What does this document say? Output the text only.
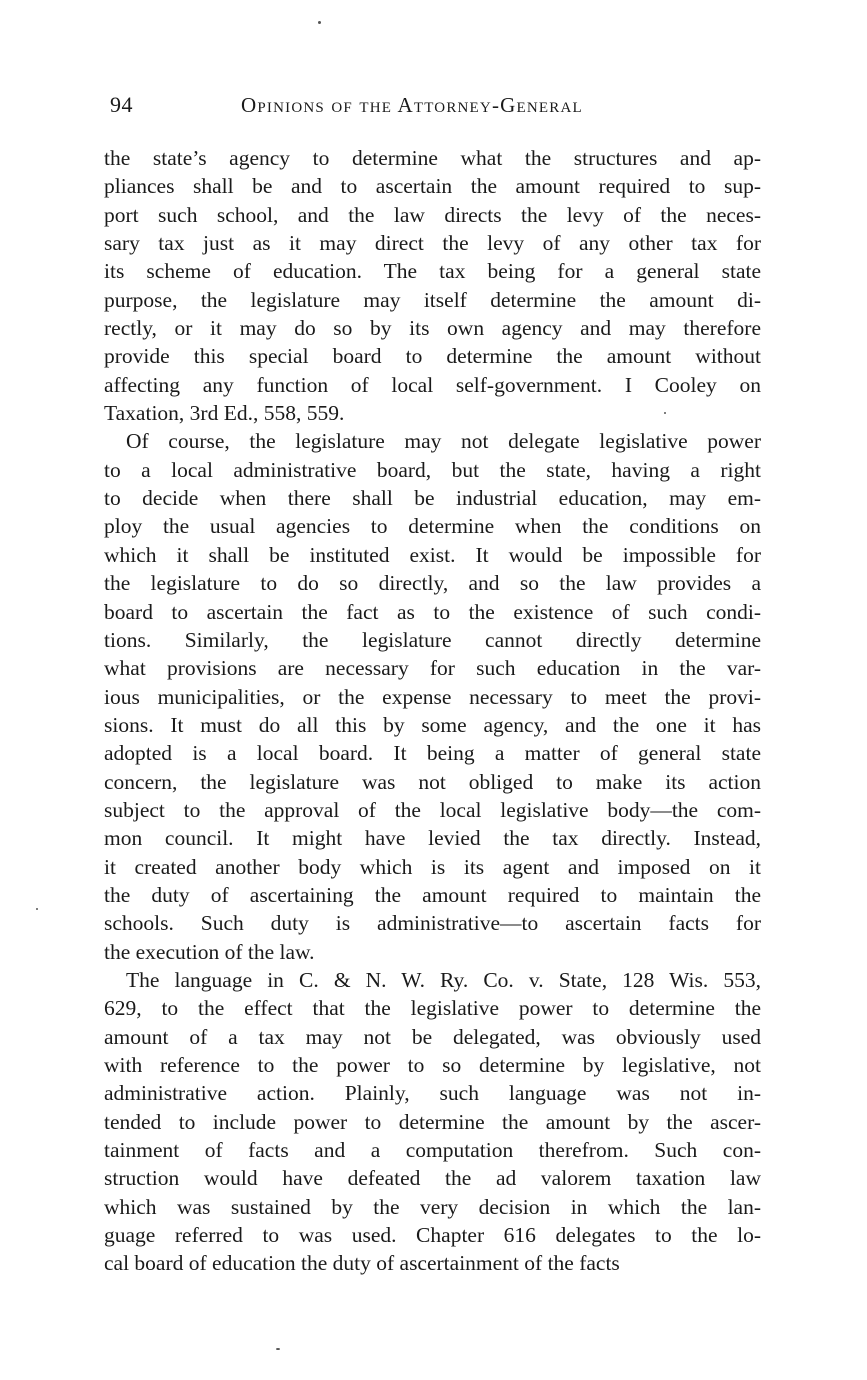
94	Opinions of the Attorney-General
the state’s agency to determine what the structures and ap-
pliances shall be and to ascertain the amount required to sup-
port such school, and the law directs the levy of the neces-
sary tax just as it may direct the levy of any other tax for
its scheme of education. The tax being for a general state
purpose, the legislature may itself determine the amount di-
rectly, or it may do so by its own agency and may therefore
provide this special board to determine the amount without
affecting any function of local self-government. I Cooley on
Taxation, 3rd Ed., 558, 559.
Of course, the legislature may not delegate legislative power
to a local administrative board, but the state, having a right
to decide when there shall be industrial education, may em-
ploy the usual agencies to determine when the conditions on
which it shall be instituted exist. It would be impossible for
the legislature to do so directly, and so the law provides a
board to ascertain the fact as to the existence of such condi-
tions. Similarly, the legislature cannot directly determine
what provisions are necessary for such education in the var-
ious municipalities, or the expense necessary to meet the provi-
sions. It must do all this by some agency, and the one it has
adopted is a local board. It being a matter of general state
concern, the legislature was not obliged to make its action
subject to the approval of the local legislative body—the com-
mon council. It might have levied the tax directly. Instead,
it created another body which is its agent and imposed on it
the duty of ascertaining the amount required to maintain the
schools. Such duty is administrative—to ascertain facts for
the execution of the law.
The language in C. & N. W. Ry. Co. v. State, 128 Wis. 553,
629, to the effect that the legislative power to determine the
amount of a tax may not be delegated, was obviously used
with reference to the power to so determine by legislative, not
administrative action. Plainly, such language was not in-
tended to include power to determine the amount by the ascer-
tainment of facts and a computation therefrom. Such con-
struction would have defeated the ad valorem taxation law
which was sustained by the very decision in which the lan-
guage referred to was used. Chapter 616 delegates to the lo-
cal board of education the duty of ascertainment of the facts
